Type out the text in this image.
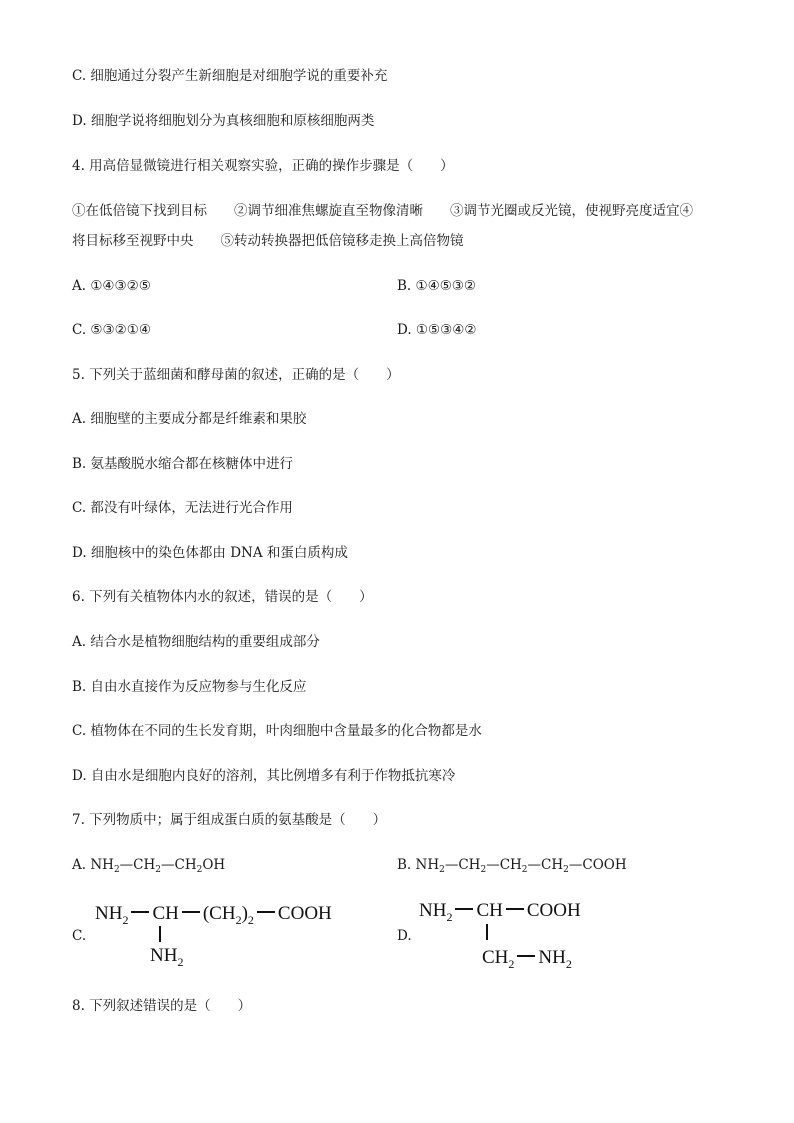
C. 细胞通过分裂产生新细胞是对细胞学说的重要补充
D. 细胞学说将细胞划分为真核细胞和原核细胞两类
4. 用高倍显微镜进行相关观察实验，正确的操作步骤是（　　）
①在低倍镜下找到目标　　②调节细准焦螺旋直至物像清晰　　③调节光圈或反光镜，使视野亮度适宜④
将目标移至视野中央　　⑤转动转换器把低倍镜移走换上高倍物镜
A. ①④③②⑤	B. ①④⑤③②
C. ⑤③②①④	D. ①⑤③④②
5. 下列关于蓝细菌和酵母菌的叙述，正确的是（　　）
A. 细胞壁的主要成分都是纤维素和果胶
B. 氨基酸脱水缩合都在核糖体中进行
C. 都没有叶绿体，无法进行光合作用
D. 细胞核中的染色体都由 DNA 和蛋白质构成
6. 下列有关植物体内水的叙述，错误的是（　　）
A. 结合水是植物细胞结构的重要组成部分
B. 自由水直接作为反应物参与生化反应
C. 植物体在不同的生长发育期，叶肉细胞中含量最多的化合物都是水
D. 自由水是细胞内良好的溶剂，其比例增多有利于作物抵抗寒冷
7. 下列物质中；属于组成蛋白质的氨基酸是（　　）
A. $NH_2—CH_2—CH_2OH$	B. $NH_2—CH_2—CH_2—CH_2—COOH$
C.
$NH_2$ CH $(CH_2)_2$ COOH
$NH_2$
D.
$NH_2$ CH COOH
$CH_2$ $NH_2$
8. 下列叙述错误的是（　　）
